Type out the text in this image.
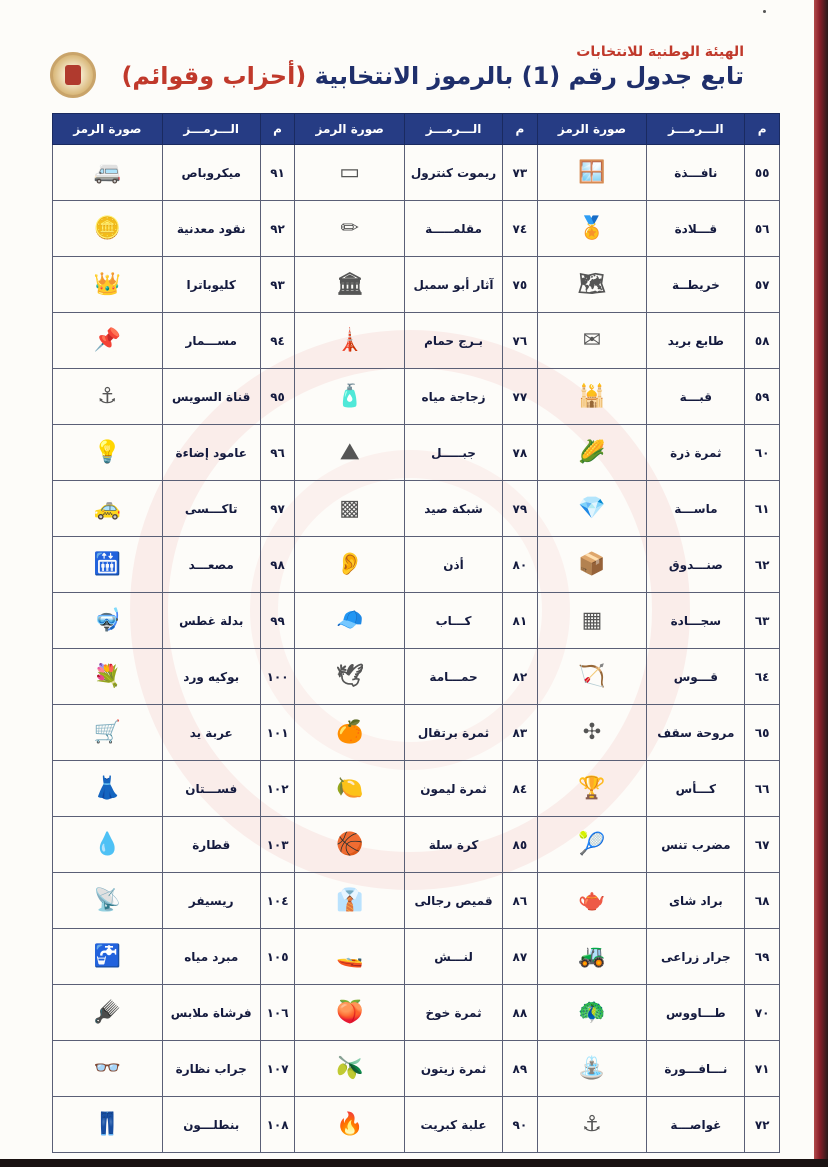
الهيئة الوطنية للانتخابات
تابع جدول رقم (1) بالرموز الانتخابية (أحزاب وقوائم)
م	الـــرمـــز	صورة الرمز	م	الـــرمـــز	صورة الرمز	م	الـــرمـــز	صورة الرمز
٥٥	نافـــذة	🪟	٧٣	ريموت كنترول	▭	٩١	ميكروباص	🚐
٥٦	قـــلادة	🏅	٧٤	مقلمـــــة	✏	٩٢	نقود معدنية	🪙
٥٧	خريطــة	🗺	٧٥	آثار أبو سمبل	🏛	٩٣	كليوباترا	👑
٥٨	طابع بريد	✉	٧٦	بـرج حمام	🗼	٩٤	مســـمار	📌
٥٩	قبـــة	🕌	٧٧	زجاجة مياه	🧴	٩٥	قناة السويس	⚓
٦٠	ثمرة ذرة	🌽	٧٨	جبـــــل	⛰	٩٦	عامود إضاءة	💡
٦١	ماســـة	💎	٧٩	شبكة صيد	▩	٩٧	تاكـــسى	🚕
٦٢	صنـــدوق	📦	٨٠	أذن	👂	٩٨	مصعـــد	🛗
٦٣	سجـــادة	▦	٨١	كـــاب	🧢	٩٩	بدلة غطس	🤿
٦٤	قـــوس	🏹	٨٢	حمـــامة	🕊	١٠٠	بوكيه ورد	💐
٦٥	مروحة سقف	✣	٨٣	ثمرة برتقال	🍊	١٠١	عربة يد	🛒
٦٦	كـــأس	🏆	٨٤	ثمرة ليمون	🍋	١٠٢	فســـتان	👗
٦٧	مضرب تنس	🎾	٨٥	كرة سلة	🏀	١٠٣	قطارة	💧
٦٨	براد شاى	🫖	٨٦	قميص رجالى	👔	١٠٤	ريسيفر	📡
٦٩	جرار زراعى	🚜	٨٧	لنـــش	🚤	١٠٥	مبرد مياه	🚰
٧٠	طـــاووس	🦚	٨٨	ثمرة خوخ	🍑	١٠٦	فرشاة ملابس	🪮
٧١	نـــافـــورة	⛲	٨٩	ثمرة زيتون	🫒	١٠٧	جراب نظارة	👓
٧٢	غواصـــة	⚓	٩٠	علبة كبريت	🔥	١٠٨	بنطلـــون	👖
